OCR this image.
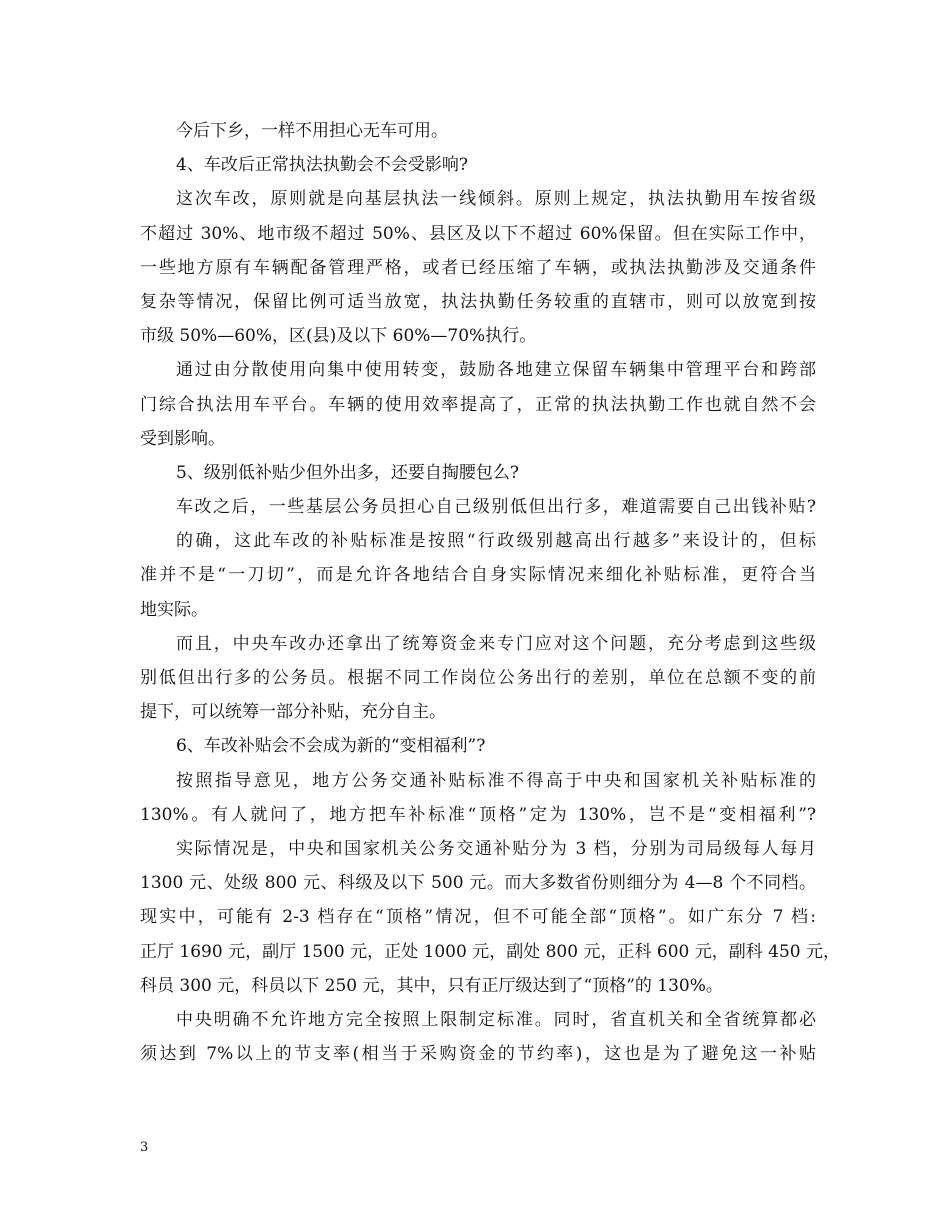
今后下乡，一样不用担心无车可用。
4、车改后正常执法执勤会不会受影响?
这次车改，原则就是向基层执法一线倾斜。原则上规定，执法执勤用车按省级
不超过 30%、地市级不超过 50%、县区及以下不超过 60%保留。但在实际工作中，
一些地方原有车辆配备管理严格，或者已经压缩了车辆，或执法执勤涉及交通条件
复杂等情况，保留比例可适当放宽，执法执勤任务较重的直辖市，则可以放宽到按
市级 50%—60%，区(县)及以下 60%—70%执行。
通过由分散使用向集中使用转变，鼓励各地建立保留车辆集中管理平台和跨部
门综合执法用车平台。车辆的使用效率提高了，正常的执法执勤工作也就自然不会
受到影响。
5、级别低补贴少但外出多，还要自掏腰包么?
车改之后，一些基层公务员担心自己级别低但出行多，难道需要自己出钱补贴?
的确，这此车改的补贴标准是按照“行政级别越高出行越多”来设计的，但标
准并不是“一刀切”，而是允许各地结合自身实际情况来细化补贴标准，更符合当
地实际。
而且，中央车改办还拿出了统筹资金来专门应对这个问题，充分考虑到这些级
别低但出行多的公务员。根据不同工作岗位公务出行的差别，单位在总额不变的前
提下，可以统筹一部分补贴，充分自主。
6、车改补贴会不会成为新的“变相福利”?
按照指导意见，地方公务交通补贴标准不得高于中央和国家机关补贴标准的
130%。有人就问了，地方把车补标准“顶格”定为 130%，岂不是“变相福利”?
实际情况是，中央和国家机关公务交通补贴分为 3 档，分别为司局级每人每月
1300 元、处级 800 元、科级及以下 500 元。而大多数省份则细分为 4—8 个不同档。
现实中，可能有 2-3 档存在“顶格”情况，但不可能全部“顶格”。如广东分 7 档:
正厅 1690 元，副厅 1500 元，正处 1000 元，副处 800 元，正科 600 元，副科 450 元，
科员 300 元，科员以下 250 元，其中，只有正厅级达到了“顶格”的 130%。
中央明确不允许地方完全按照上限制定标准。同时，省直机关和全省统算都必
须达到 7%以上的节支率(相当于采购资金的节约率)，这也是为了避免这一补贴
3
